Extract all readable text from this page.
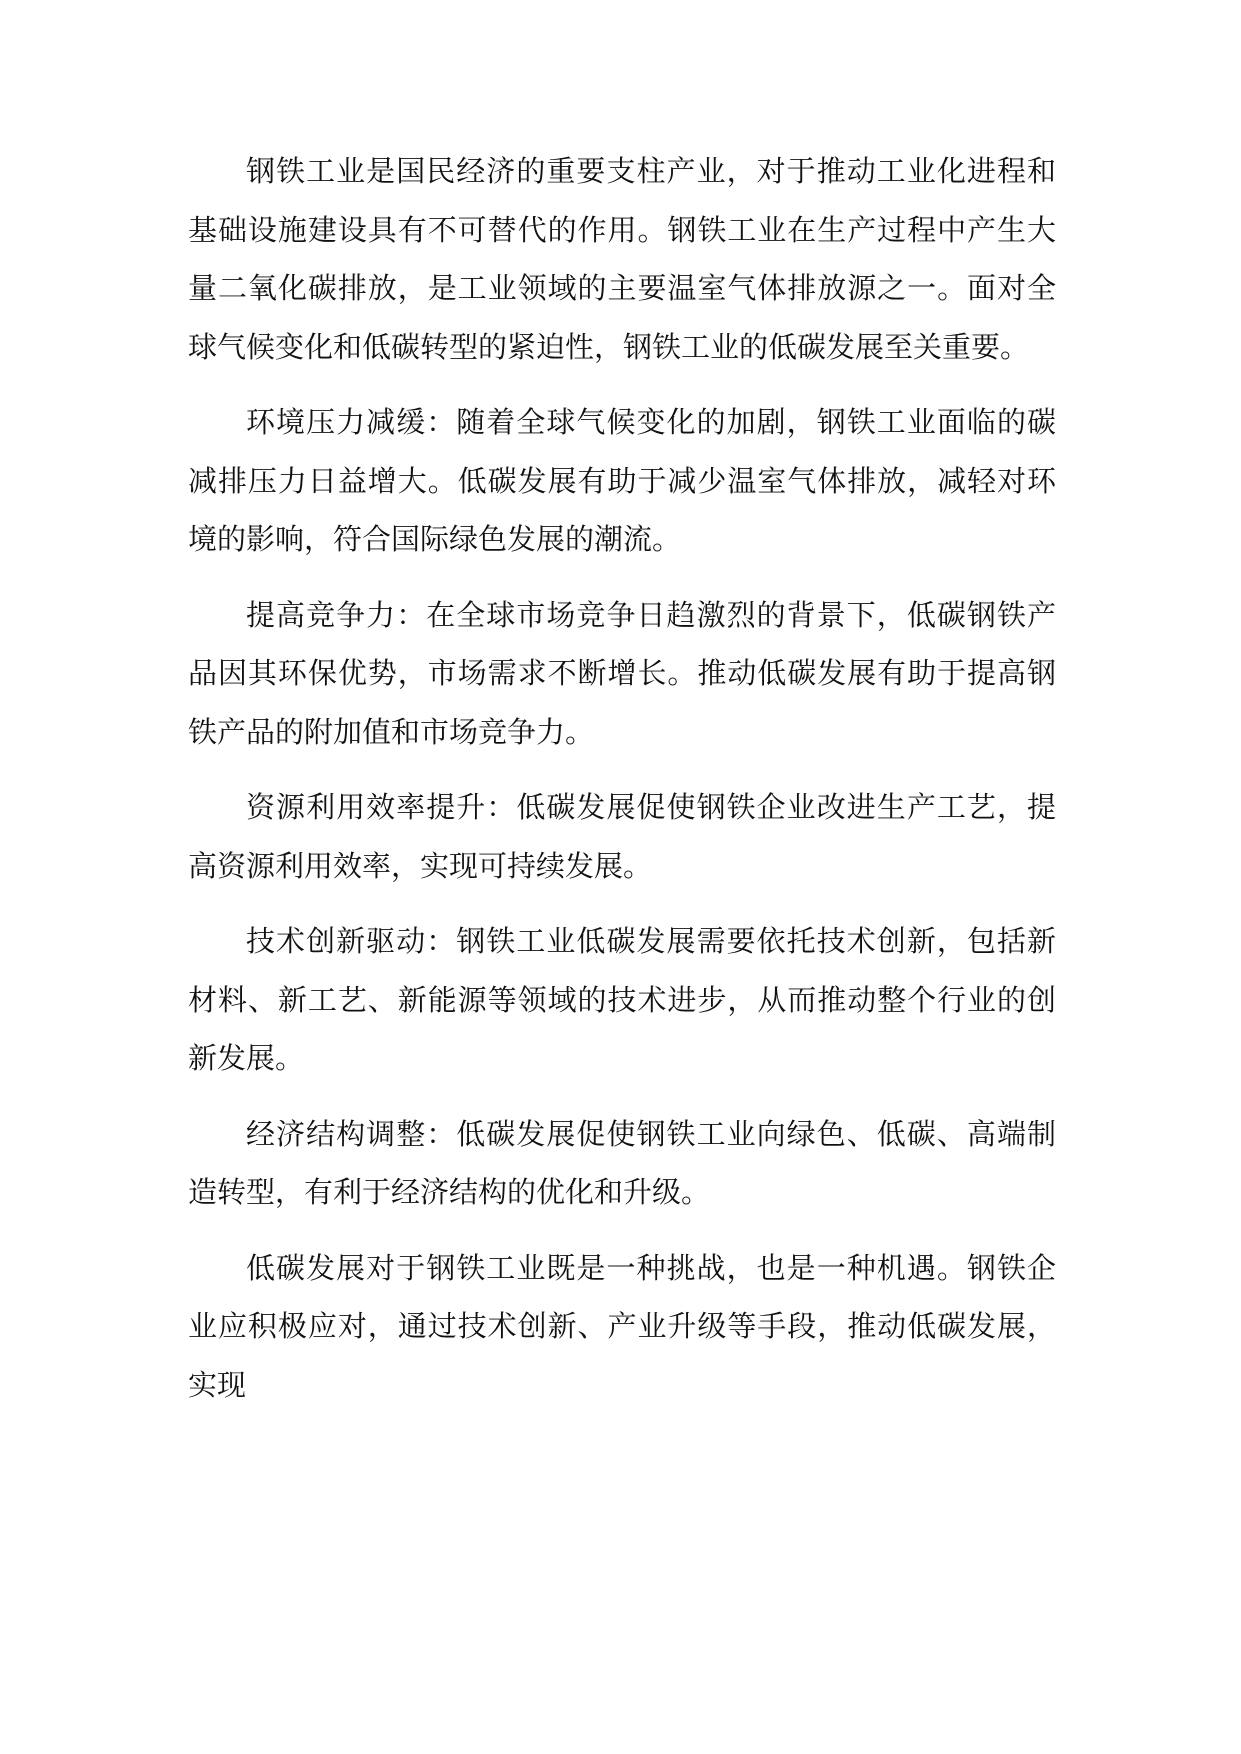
钢铁工业是国民经济的重要支柱产业，对于推动工业化进程和基础设施建设具有不可替代的作用。钢铁工业在生产过程中产生大量二氧化碳排放，是工业领域的主要温室气体排放源之一。面对全球气候变化和低碳转型的紧迫性，钢铁工业的低碳发展至关重要。

环境压力减缓：随着全球气候变化的加剧，钢铁工业面临的碳减排压力日益增大。低碳发展有助于减少温室气体排放，减轻对环境的影响，符合国际绿色发展的潮流。

提高竞争力：在全球市场竞争日趋激烈的背景下，低碳钢铁产品因其环保优势，市场需求不断增长。推动低碳发展有助于提高钢铁产品的附加值和市场竞争力。

资源利用效率提升：低碳发展促使钢铁企业改进生产工艺，提高资源利用效率，实现可持续发展。

技术创新驱动：钢铁工业低碳发展需要依托技术创新，包括新材料、新工艺、新能源等领域的技术进步，从而推动整个行业的创新发展。

经济结构调整：低碳发展促使钢铁工业向绿色、低碳、高端制造转型，有利于经济结构的优化和升级。

低碳发展对于钢铁工业既是一种挑战，也是一种机遇。钢铁企业应积极应对，通过技术创新、产业升级等手段，推动低碳发展，实现
